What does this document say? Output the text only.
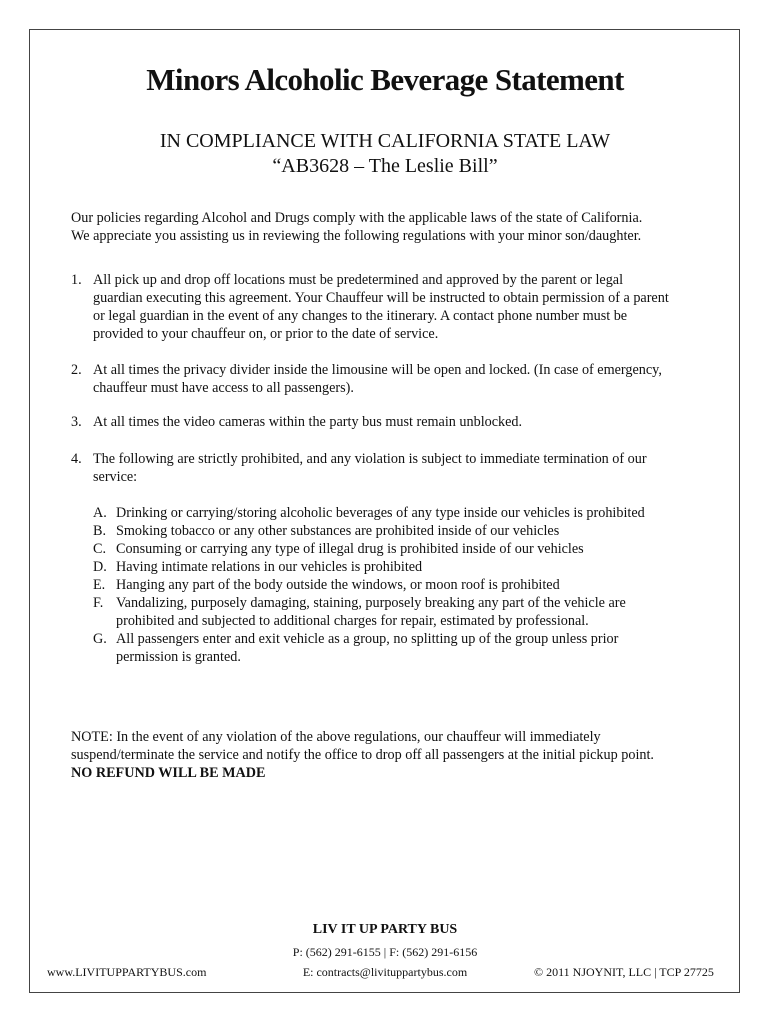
Minors Alcoholic Beverage Statement
IN COMPLIANCE WITH CALIFORNIA STATE LAW
“AB3628 – The Leslie Bill”
Our policies regarding Alcohol and Drugs comply with the applicable laws of the state of California.
We appreciate you assisting us in reviewing the following regulations with your minor son/daughter.
1. All pick up and drop off locations must be predetermined and approved by the parent or legal
guardian executing this agreement. Your Chauffeur will be instructed to obtain permission of a parent
or legal guardian in the event of any changes to the itinerary. A contact phone number must be
provided to your chauffeur on, or prior to the date of service.
2. At all times the privacy divider inside the limousine will be open and locked. (In case of emergency,
chauffeur must have access to all passengers).
3. At all times the video cameras within the party bus must remain unblocked.
4. The following are strictly prohibited, and any violation is subject to immediate termination of our
service:
A. Drinking or carrying/storing alcoholic beverages of any type inside our vehicles is prohibited
B. Smoking tobacco or any other substances are prohibited inside of our vehicles
C. Consuming or carrying any type of illegal drug is prohibited inside of our vehicles
D. Having intimate relations in our vehicles is prohibited
E. Hanging any part of the body outside the windows, or moon roof is prohibited
F. Vandalizing, purposely damaging, staining, purposely breaking any part of the vehicle are
prohibited and subjected to additional charges for repair, estimated by professional.
G. All passengers enter and exit vehicle as a group, no splitting up of the group unless prior
permission is granted.
NOTE: In the event of any violation of the above regulations, our chauffeur will immediately
suspend/terminate the service and notify the office to drop off all passengers at the initial pickup point.
NO REFUND WILL BE MADE
LIV IT UP PARTY BUS
P: (562) 291-6155 | F: (562) 291-6156
E: contracts@livituppartybus.com
www.LIVITUPPARTYBUS.com	© 2011 NJOYNIT, LLC | TCP 27725
